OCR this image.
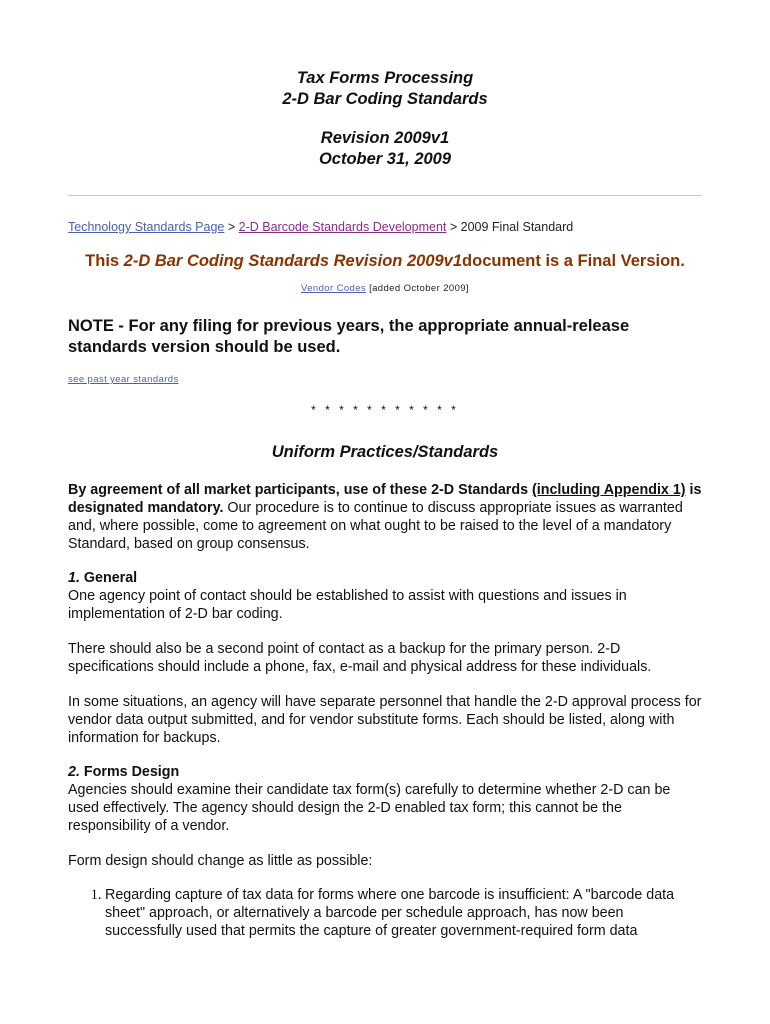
Tax Forms Processing
2-D Bar Coding Standards
Revision 2009v1
October 31, 2009
Technology Standards Page > 2-D Barcode Standards Development > 2009 Final Standard
This 2-D Bar Coding Standards Revision 2009v1document is a Final Version.
Vendor Codes [added October 2009]
NOTE - For any filing for previous years, the appropriate annual-release standards version should be used.
see past year standards
* * * * * * * * * * *
Uniform Practices/Standards

By agreement of all market participants, use of these 2-D Standards (including Appendix 1) is designated mandatory. Our procedure is to continue to discuss appropriate issues as warranted and, where possible, come to agreement on what ought to be raised to the level of a mandatory Standard, based on group consensus.

1. General
One agency point of contact should be established to assist with questions and issues in implementation of 2-D bar coding.

There should also be a second point of contact as a backup for the primary person. 2-D specifications should include a phone, fax, e-mail and physical address for these individuals.

In some situations, an agency will have separate personnel that handle the 2-D approval process for vendor data output submitted, and for vendor substitute forms. Each should be listed, along with information for backups.

2. Forms Design
Agencies should examine their candidate tax form(s) carefully to determine whether 2-D can be used effectively. The agency should design the 2-D enabled tax form; this cannot be the responsibility of a vendor.

Form design should change as little as possible:

1. Regarding capture of tax data for forms where one barcode is insufficient: A "barcode data sheet" approach, or alternatively a barcode per schedule approach, has now been successfully used that permits the capture of greater government-required form data
